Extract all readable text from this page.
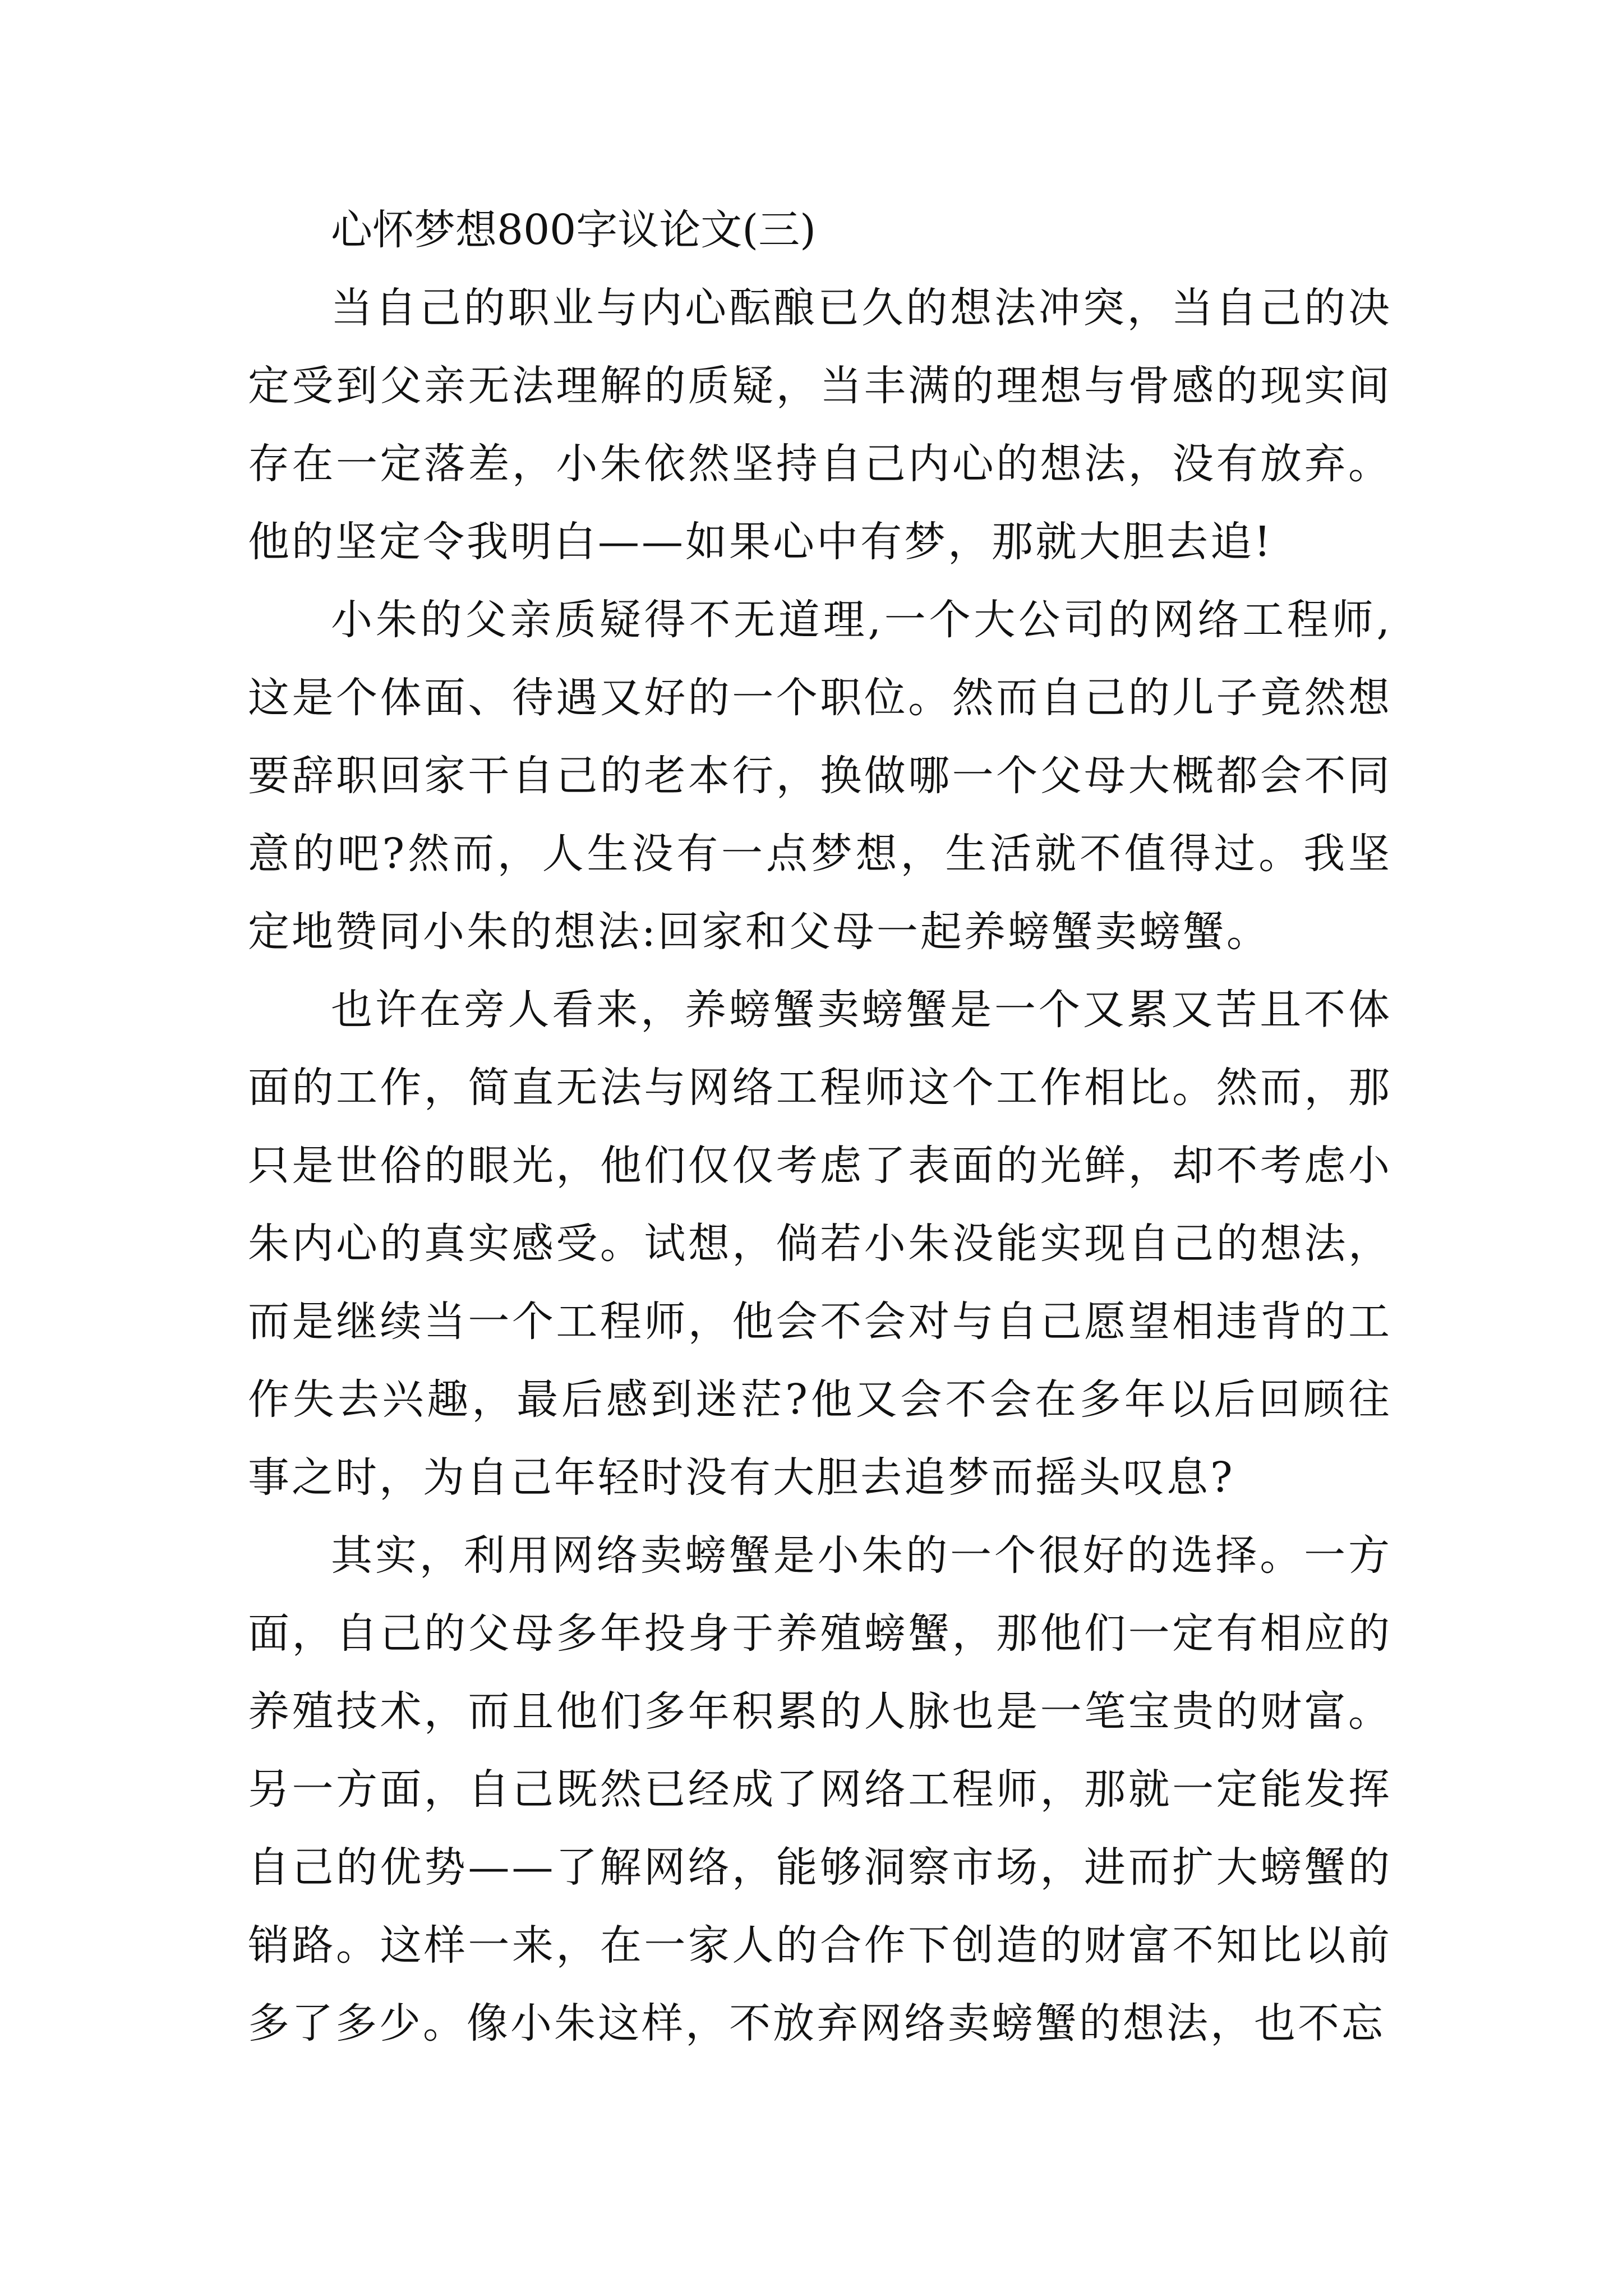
心怀梦想800字议论文(三)

当自己的职业与内心酝酿已久的想法冲突，当自己的决定受到父亲无法理解的质疑，当丰满的理想与骨感的现实间存在一定落差，小朱依然坚持自己内心的想法，没有放弃。他的坚定令我明白——如果心中有梦，那就大胆去追!

小朱的父亲质疑得不无道理,一个大公司的网络工程师,这是个体面、待遇又好的一个职位。然而自己的儿子竟然想要辞职回家干自己的老本行，换做哪一个父母大概都会不同意的吧?然而，人生没有一点梦想，生活就不值得过。我坚定地赞同小朱的想法:回家和父母一起养螃蟹卖螃蟹。

也许在旁人看来，养螃蟹卖螃蟹是一个又累又苦且不体面的工作，简直无法与网络工程师这个工作相比。然而，那只是世俗的眼光，他们仅仅考虑了表面的光鲜，却不考虑小朱内心的真实感受。试想，倘若小朱没能实现自己的想法，而是继续当一个工程师，他会不会对与自己愿望相违背的工作失去兴趣，最后感到迷茫?他又会不会在多年以后回顾往事之时，为自己年轻时没有大胆去追梦而摇头叹息?

其实，利用网络卖螃蟹是小朱的一个很好的选择。一方面，自己的父母多年投身于养殖螃蟹，那他们一定有相应的养殖技术，而且他们多年积累的人脉也是一笔宝贵的财富。另一方面，自己既然已经成了网络工程师，那就一定能发挥自己的优势——了解网络，能够洞察市场，进而扩大螃蟹的销路。这样一来，在一家人的合作下创造的财富不知比以前多了多少。像小朱这样，不放弃网络卖螃蟹的想法，也不忘
